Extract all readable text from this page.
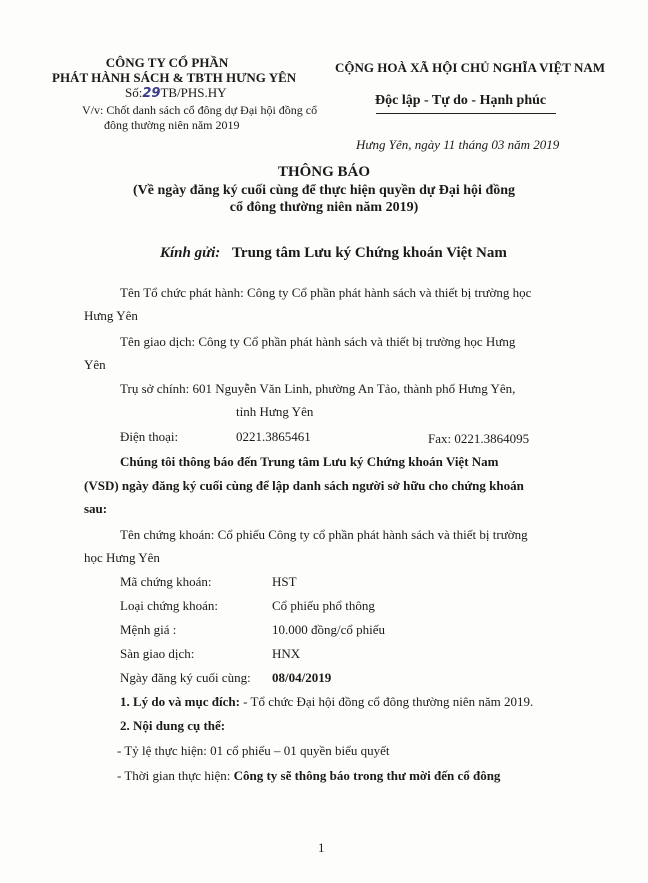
CÔNG TY CỔ PHẦN
PHÁT HÀNH SÁCH & TBTH HƯNG YÊN
Số:29TB/PHS.HY
V/v: Chốt danh sách cổ đông dự Đại hội đồng cổ
đông thường niên năm 2019
CỘNG HOÀ XÃ HỘI CHỦ NGHĨA VIỆT NAM
Độc lập - Tự do - Hạnh phúc
Hưng Yên, ngày 11 tháng 03 năm 2019
THÔNG BÁO
(Về ngày đăng ký cuối cùng để thực hiện quyền dự Đại hội đồng
cổ đông thường niên năm 2019)
Kính gửi: Trung tâm Lưu ký Chứng khoán Việt Nam
Tên Tổ chức phát hành: Công ty Cổ phần phát hành sách và thiết bị trường học
Hưng Yên
Tên giao dịch: Công ty Cổ phần phát hành sách và thiết bị trường học Hưng
Yên
Trụ sở chính: 601 Nguyễn Văn Linh, phường An Tảo, thành phố Hưng Yên,
tỉnh Hưng Yên
Điện thoại:	0221.3865461	Fax: 0221.3864095
Chúng tôi thông báo đến Trung tâm Lưu ký Chứng khoán Việt Nam
(VSD) ngày đăng ký cuối cùng để lập danh sách người sở hữu cho chứng khoán
sau:
Tên chứng khoán: Cổ phiếu Công ty cổ phần phát hành sách và thiết bị trường
học Hưng Yên
Mã chứng khoán:	HST
Loại chứng khoán:	Cổ phiếu phổ thông
Mệnh giá :	10.000 đồng/cổ phiếu
Sàn giao dịch:	HNX
Ngày đăng ký cuối cùng: 08/04/2019
1. Lý do và mục đích: - Tổ chức Đại hội đồng cổ đông thường niên năm 2019.
2. Nội dung cụ thể:
- Tỷ lệ thực hiện: 01 cổ phiếu – 01 quyền biểu quyết
- Thời gian thực hiện: Công ty sẽ thông báo trong thư mời đến cổ đông
1
